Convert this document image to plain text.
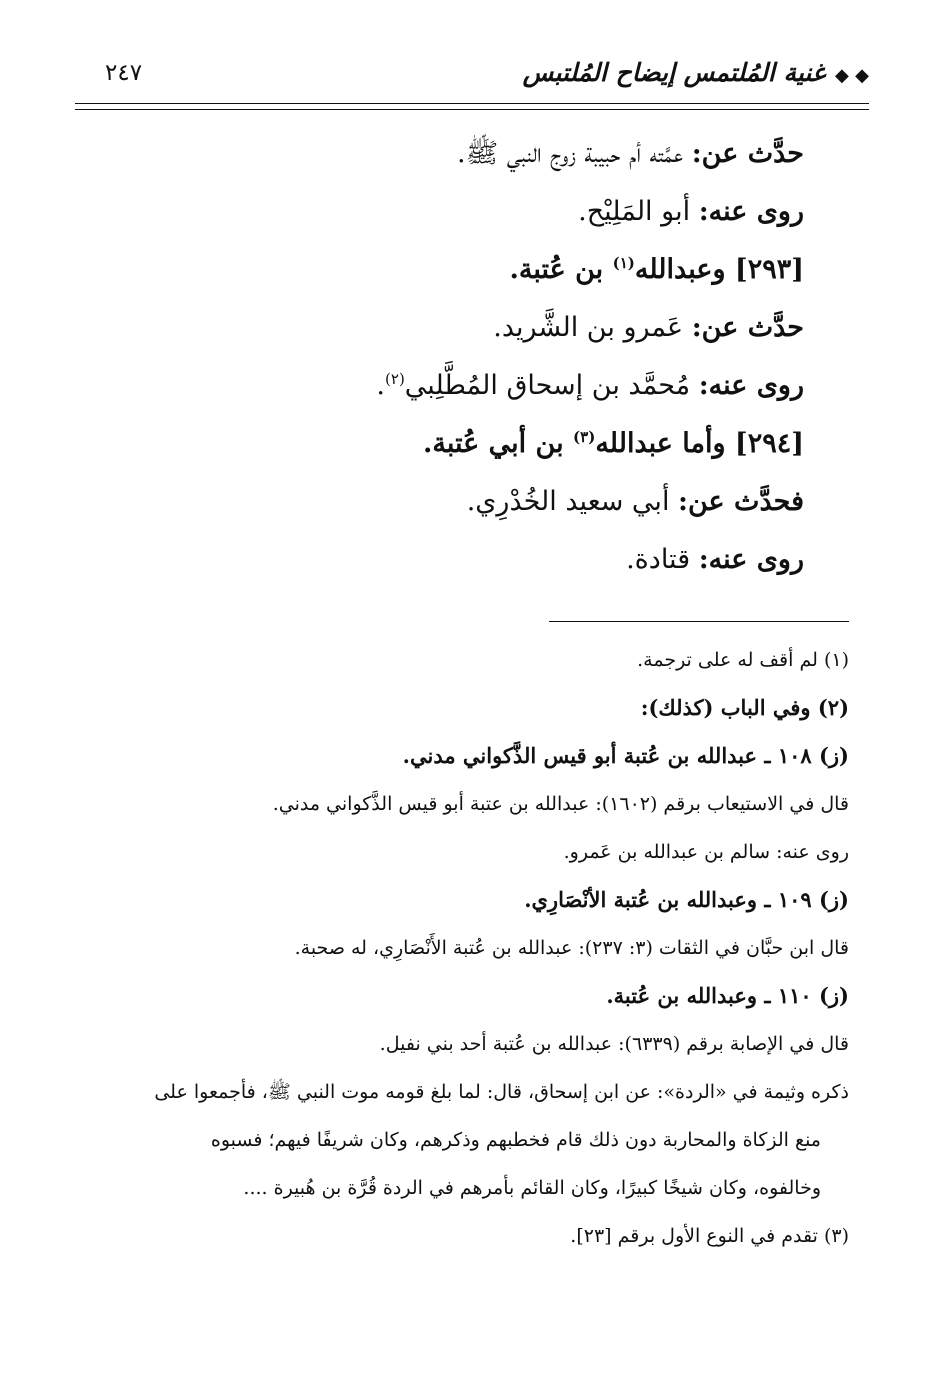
◆ ◆غنية المُلتمس إيضاح المُلتبس
٢٤٧
حدَّث عن: عمَّته أم حبيبة زوج النبي ﷺ.
روى عنه: أبو المَلِيْح.
[٢٩٣] وعبدالله$^{(١)}$ بن عُتبة.
حدَّث عن: عَمرو بن الشَّريد.
روى عنه: مُحمَّد بن إسحاق المُطَّلِبي$^{(٢)}$.
[٢٩٤] وأما عبدالله$^{(٣)}$ بن أبي عُتبة.
فحدَّث عن: أبي سعيد الخُدْرِي.
روى عنه: قتادة.
(١) لم أقف له على ترجمة.
(٢) وفي الباب (كذلك):
(ز) ١٠٨ ـ عبدالله بن عُتبة أبو قيس الذَّكواني مدني.
قال في الاستيعاب برقم (١٦٠٢): عبدالله بن عتبة أبو قيس الذَّكواني مدني.
روى عنه: سالم بن عبدالله بن عَمرو.
(ز) ١٠٩ ـ وعبدالله بن عُتبة الأنْصَارِي.
قال ابن حبَّان في الثقات (٣: ٢٣٧): عبدالله بن عُتبة الأَنْصَارِي، له صحبة.
(ز) ١١٠ ـ وعبدالله بن عُتبة.
قال في الإصابة برقم (٦٣٣٩): عبدالله بن عُتبة أحد بني نفيل.
ذكره وثيمة في «الردة»: عن ابن إسحاق، قال: لما بلغ قومه موت النبي ﷺ، فأجمعوا على
منع الزكاة والمحاربة دون ذلك قام فخطبهم وذكرهم، وكان شريفًا فيهم؛ فسبوه
وخالفوه، وكان شيخًا كبيرًا، وكان القائم بأمرهم في الردة قُرَّة بن هُبيرة ....
(٣) تقدم في النوع الأول برقم [٢٣].
